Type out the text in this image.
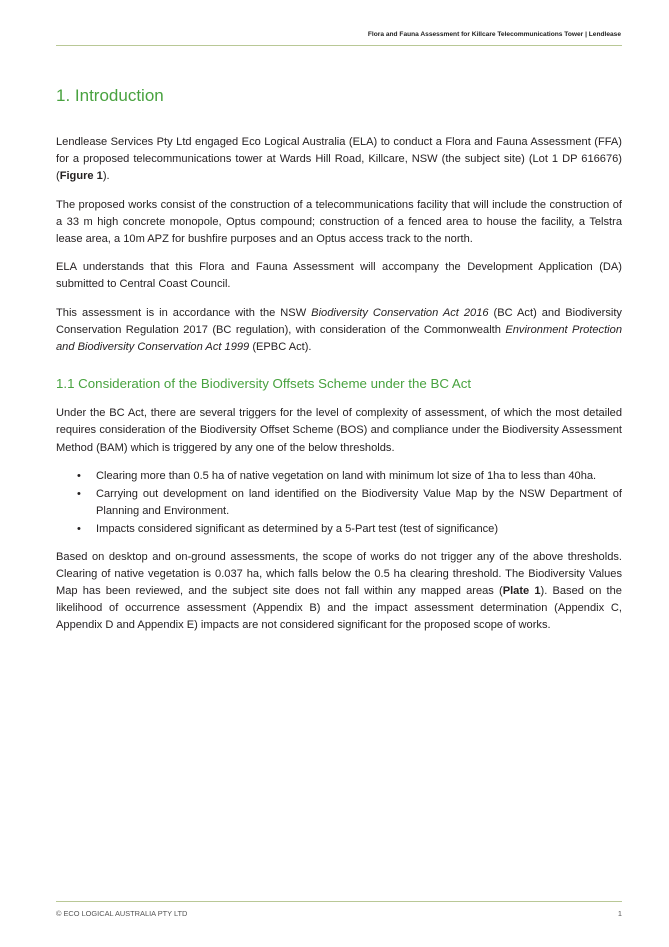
Flora and Fauna Assessment for Killcare Telecommunications Tower | Lendlease
1. Introduction

Lendlease Services Pty Ltd engaged Eco Logical Australia (ELA) to conduct a Flora and Fauna Assessment (FFA) for a proposed telecommunications tower at Wards Hill Road, Killcare, NSW (the subject site) (Lot 1 DP 616676) (Figure 1).

The proposed works consist of the construction of a telecommunications facility that will include the construction of a 33 m high concrete monopole, Optus compound; construction of a fenced area to house the facility, a Telstra lease area, a 10m APZ for bushfire purposes and an Optus access track to the north.

ELA understands that this Flora and Fauna Assessment will accompany the Development Application (DA) submitted to Central Coast Council.

This assessment is in accordance with the NSW Biodiversity Conservation Act 2016 (BC Act) and Biodiversity Conservation Regulation 2017 (BC regulation), with consideration of the Commonwealth Environment Protection and Biodiversity Conservation Act 1999 (EPBC Act).

1.1 Consideration of the Biodiversity Offsets Scheme under the BC Act

Under the BC Act, there are several triggers for the level of complexity of assessment, of which the most detailed requires consideration of the Biodiversity Offset Scheme (BOS) and compliance under the Biodiversity Assessment Method (BAM) which is triggered by any one of the below thresholds.

• Clearing more than 0.5 ha of native vegetation on land with minimum lot size of 1ha to less than 40ha.
• Carrying out development on land identified on the Biodiversity Value Map by the NSW Department of Planning and Environment.
• Impacts considered significant as determined by a 5-Part test (test of significance)

Based on desktop and on-ground assessments, the scope of works do not trigger any of the above thresholds. Clearing of native vegetation is 0.037 ha, which falls below the 0.5 ha clearing threshold. The Biodiversity Values Map has been reviewed, and the subject site does not fall within any mapped areas (Plate 1). Based on the likelihood of occurrence assessment (Appendix B) and the impact assessment determination (Appendix C, Appendix D and Appendix E) impacts are not considered significant for the proposed scope of works.

© ECO LOGICAL AUSTRALIA PTY LTD	1
